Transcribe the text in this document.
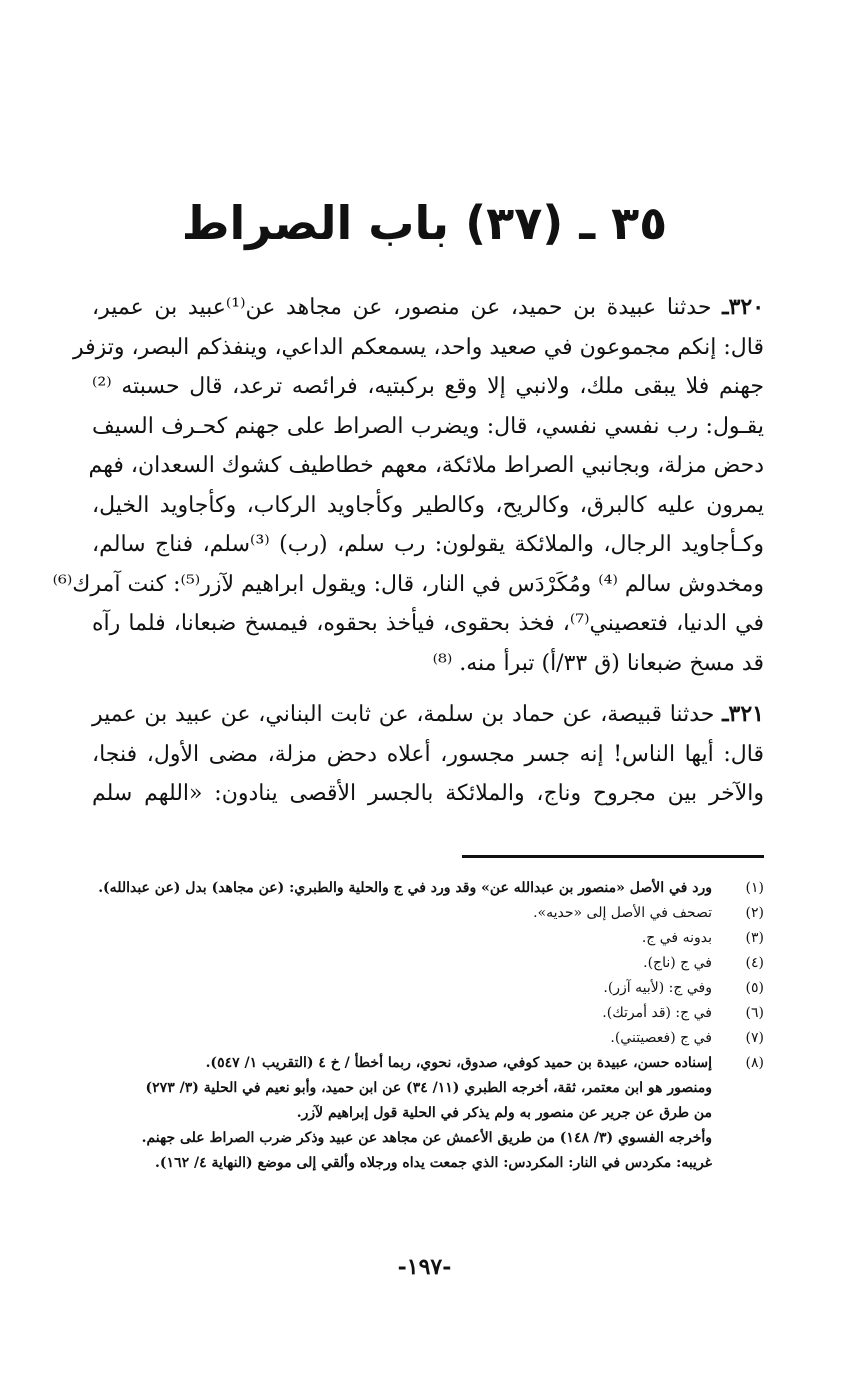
٣٥ ـ (٣٧) باب الصراط
٣٢٠ـ حدثنا عبيدة بن حميد، عن منصور، عن مجاهد عن⁽¹⁾عبيد بن عمير،
قال: إنكم مجموعون في صعيد واحد، يسمعكم الداعي، وينفذكم البصر، وتزفر
جهنم فلا يبقى ملك، ولانبي إلا وقع بركبتيه، فرائصه ترعد، قال حسبته ⁽²⁾
يقـول: رب نفسي نفسي، قال: ويضرب الصراط على جهنم كحـرف السيف
دحض مزلة، وبجانبي الصراط ملائكة، معهم خطاطيف كشوك السعدان، فهم
يمرون عليه كالبرق، وكالريح، وكالطير وكأجاويد الركاب، وكأجاويد الخيل،
وكـأجاويد الرجال، والملائكة يقولون: رب سلم، (رب) ⁽³⁾سلم، فناج سالم،
ومخدوش سالم ⁽⁴⁾ ومُكَرْدَس في النار، قال: ويقول ابراهيم لآزر⁽⁵⁾: كنت آمرك⁽⁶⁾
في الدنيا، فتعصيني⁽⁷⁾، فخذ بحقوى، فيأخذ بحقوه، فيمسخ ضبعانا، فلما رآه
قد مسخ ضبعانا (ق ٣٣/أ) تبرأ منه. ⁽⁸⁾
٣٢١ـ حدثنا قبيصة، عن حماد بن سلمة، عن ثابت البناني، عن عبيد بن عمير
قال: أيها الناس! إنه جسر مجسور، أعلاه دحض مزلة، مضى الأول، فنجا،
والآخر بين مجروح وناج، والملائكة بالجسر الأقصى ينادون: «اللهم سلم
(١)
ورد في الأصل «منصور بن عبدالله عن» وقد ورد في ج والحلية والطبري: (عن مجاهد) بدل (عن عبدالله).
(٢)
تصحف في الأصل إلى «حديه».
(٣)
بدونه في ج.
(٤)
في ج (ناج).
(٥)
وفي ج: (لأبيه آزر).
(٦)
في ج: (قد أمرتك).
(٧)
في ج (فعصيتني).
(٨)
إسناده حسن، عبيدة بن حميد كوفي، صدوق، نحوي، ربما أخطأ / خ ٤ (التقريب ١/ ٥٤٧).
ومنصور هو ابن معتمر، ثقة، أخرجه الطبري (١١/ ٣٤) عن ابن حميد، وأبو نعيم في الحلية (٣/ ٢٧٣)
من طرق عن جرير عن منصور به ولم يذكر في الحلية قول إبراهيم لآزر.
وأخرجه الفسوي (٣/ ١٤٨) من طريق الأعمش عن مجاهد عن عبيد وذكر ضرب الصراط على جهنم.
غريبه: مكردس في النار: المكردس: الذي جمعت يداه ورجلاه وألقي إلى موضع (النهاية ٤/ ١٦٢).
-١٩٧-
